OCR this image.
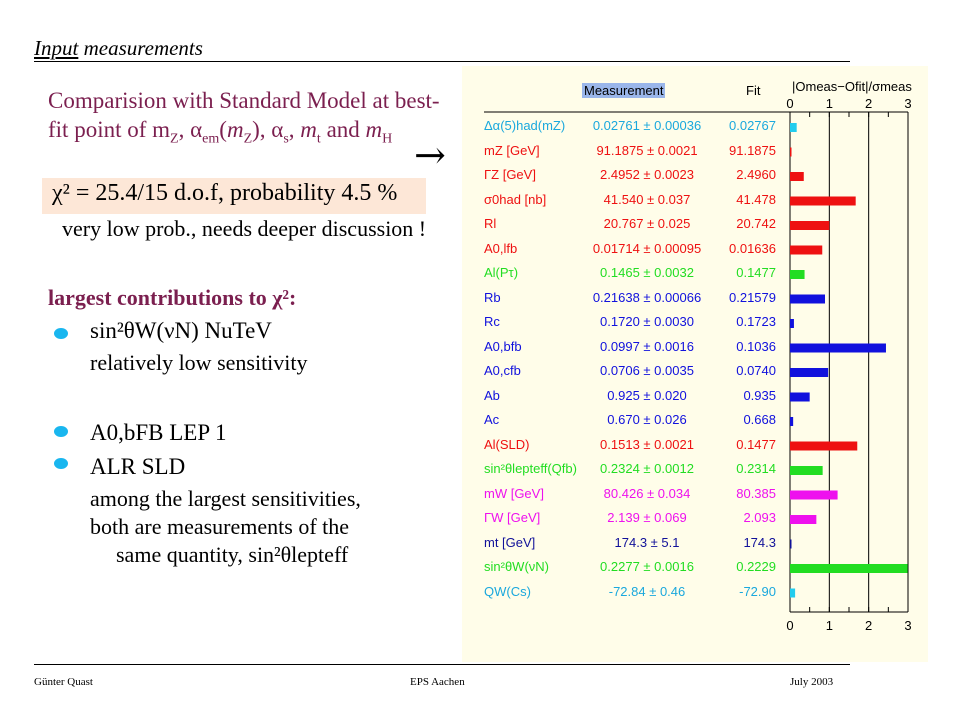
Input measurements
Comparision with Standard Model at best-
fit point of $m_Z$, $\alpha_{em}(m_Z)$, $\alpha_s$, $m_t$ and $m_H$ →
χ² = 25.4/15 d.o.f, probability 4.5 %
very low prob., needs deeper discussion !
largest contributions to χ²:
sin²θW(νN) NuTeV
relatively low sensitivity
A0,bFB LEP 1
ALR SLD
among the largest sensitivities,
both are measurements of the
same quantity, sin²θlepteff
Measurement	Fit |Omeas−Ofit|/σmeas
0
0
1
1
2
2
3
3
Δα(5)had(mZ)	0.02761 ± 0.00036	0.02767
mZ [GeV]	91.1875 ± 0.0021	91.1875
ΓZ [GeV]	2.4952 ± 0.0023	2.4960
σ0had [nb]	41.540 ± 0.037	41.478
Rl	20.767 ± 0.025	20.742
A0,lfb	0.01714 ± 0.00095	0.01636
Al(Pτ)	0.1465 ± 0.0032	0.1477
Rb	0.21638 ± 0.00066	0.21579
Rc	0.1720 ± 0.0030	0.1723
A0,bfb	0.0997 ± 0.0016	0.1036
A0,cfb	0.0706 ± 0.0035	0.0740
Ab	0.925 ± 0.020	0.935
Ac	0.670 ± 0.026	0.668
Al(SLD)	0.1513 ± 0.0021	0.1477
sin²θlepteff(Qfb)	0.2324 ± 0.0012	0.2314
mW [GeV]	80.426 ± 0.034	80.385
ΓW [GeV]	2.139 ± 0.069	2.093
mt [GeV]	174.3 ± 5.1	174.3
sin²θW(νN)	0.2277 ± 0.0016	0.2229
QW(Cs)	-72.84 ± 0.46	-72.90
Günter Quast	EPS Aachen	July 2003
